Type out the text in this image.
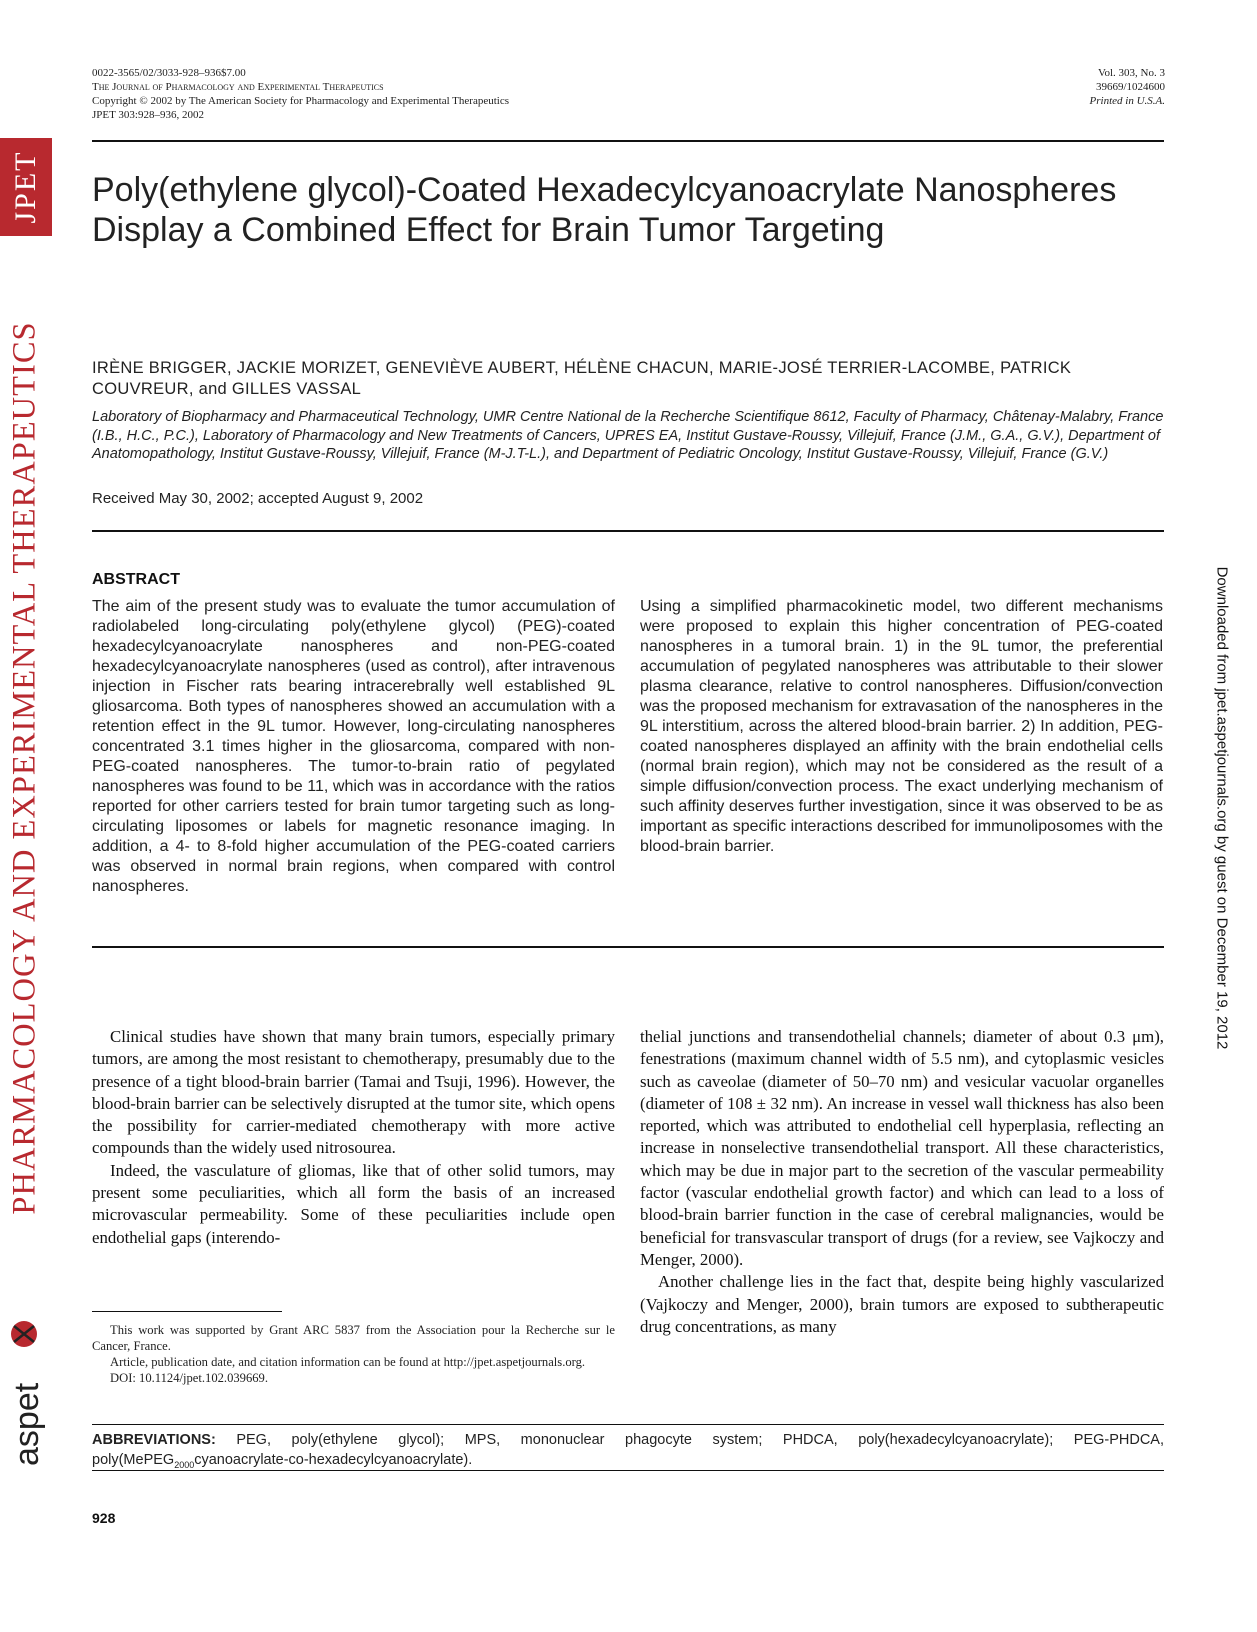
JPET
PHARMACOLOGY AND EXPERIMENTAL THERAPEUTICS
aspet
Downloaded from jpet.aspetjournals.org by guest on December 19, 2012
0022-3565/02/3033-928–936$7.00
The Journal of Pharmacology and Experimental Therapeutics
Copyright © 2002 by The American Society for Pharmacology and Experimental Therapeutics
JPET 303:928–936, 2002
Vol. 303, No. 3
39669/1024600
Printed in U.S.A.
Poly(ethylene glycol)-Coated Hexadecylcyanoacrylate Nanospheres Display a Combined Effect for Brain Tumor Targeting

IRÈNE BRIGGER, JACKIE MORIZET, GENEVIÈVE AUBERT, HÉLÈNE CHACUN, MARIE-JOSÉ TERRIER-LACOMBE, PATRICK COUVREUR, and GILLES VASSAL

Laboratory of Biopharmacy and Pharmaceutical Technology, UMR Centre National de la Recherche Scientifique 8612, Faculty of Pharmacy, Châtenay-Malabry, France (I.B., H.C., P.C.), Laboratory of Pharmacology and New Treatments of Cancers, UPRES EA, Institut Gustave-Roussy, Villejuif, France (J.M., G.A., G.V.), Department of Anatomopathology, Institut Gustave-Roussy, Villejuif, France (M-J.T-L.), and Department of Pediatric Oncology, Institut Gustave-Roussy, Villejuif, France (G.V.)

Received May 30, 2002; accepted August 9, 2002

ABSTRACT

The aim of the present study was to evaluate the tumor accumulation of radiolabeled long-circulating poly(ethylene glycol) (PEG)-coated hexadecylcyanoacrylate nanospheres and non-PEG-coated hexadecylcyanoacrylate nanospheres (used as control), after intravenous injection in Fischer rats bearing intracerebrally well established 9L gliosarcoma. Both types of nanospheres showed an accumulation with a retention effect in the 9L tumor. However, long-circulating nanospheres concentrated 3.1 times higher in the gliosarcoma, compared with non-PEG-coated nanospheres. The tumor-to-brain ratio of pegylated nanospheres was found to be 11, which was in accordance with the ratios reported for other carriers tested for brain tumor targeting such as long-circulating liposomes or labels for magnetic resonance imaging. In addition, a 4- to 8-fold higher accumulation of the PEG-coated carriers was observed in normal brain regions, when compared with control nanospheres.

Using a simplified pharmacokinetic model, two different mechanisms were proposed to explain this higher concentration of PEG-coated nanospheres in a tumoral brain. 1) in the 9L tumor, the preferential accumulation of pegylated nanospheres was attributable to their slower plasma clearance, relative to control nanospheres. Diffusion/convection was the proposed mechanism for extravasation of the nanospheres in the 9L interstitium, across the altered blood-brain barrier. 2) In addition, PEG-coated nanospheres displayed an affinity with the brain endothelial cells (normal brain region), which may not be considered as the result of a simple diffusion/convection process. The exact underlying mechanism of such affinity deserves further investigation, since it was observed to be as important as specific interactions described for immunoliposomes with the blood-brain barrier.

Clinical studies have shown that many brain tumors, especially primary tumors, are among the most resistant to chemotherapy, presumably due to the presence of a tight blood-brain barrier (Tamai and Tsuji, 1996). However, the blood-brain barrier can be selectively disrupted at the tumor site, which opens the possibility for carrier-mediated chemotherapy with more active compounds than the widely used nitrosourea.

Indeed, the vasculature of gliomas, like that of other solid tumors, may present some peculiarities, which all form the basis of an increased microvascular permeability. Some of these peculiarities include open endothelial gaps (interendo-

thelial junctions and transendothelial channels; diameter of about 0.3 μm), fenestrations (maximum channel width of 5.5 nm), and cytoplasmic vesicles such as caveolae (diameter of 50–70 nm) and vesicular vacuolar organelles (diameter of 108 ± 32 nm). An increase in vessel wall thickness has also been reported, which was attributed to endothelial cell hyperplasia, reflecting an increase in nonselective transendothelial transport. All these characteristics, which may be due in major part to the secretion of the vascular permeability factor (vascular endothelial growth factor) and which can lead to a loss of blood-brain barrier function in the case of cerebral malignancies, would be beneficial for transvascular transport of drugs (for a review, see Vajkoczy and Menger, 2000).

Another challenge lies in the fact that, despite being highly vascularized (Vajkoczy and Menger, 2000), brain tumors are exposed to subtherapeutic drug concentrations, as many

This work was supported by Grant ARC 5837 from the Association pour la Recherche sur le Cancer, France.

Article, publication date, and citation information can be found at http://jpet.aspetjournals.org.

DOI: 10.1124/jpet.102.039669.

ABBREVIATIONS: PEG, poly(ethylene glycol); MPS, mononuclear phagocyte system; PHDCA, poly(hexadecylcyanoacrylate); PEG-PHDCA, poly(MePEG$_{2000}$cyanoacrylate-co-hexadecylcyanoacrylate).

928
